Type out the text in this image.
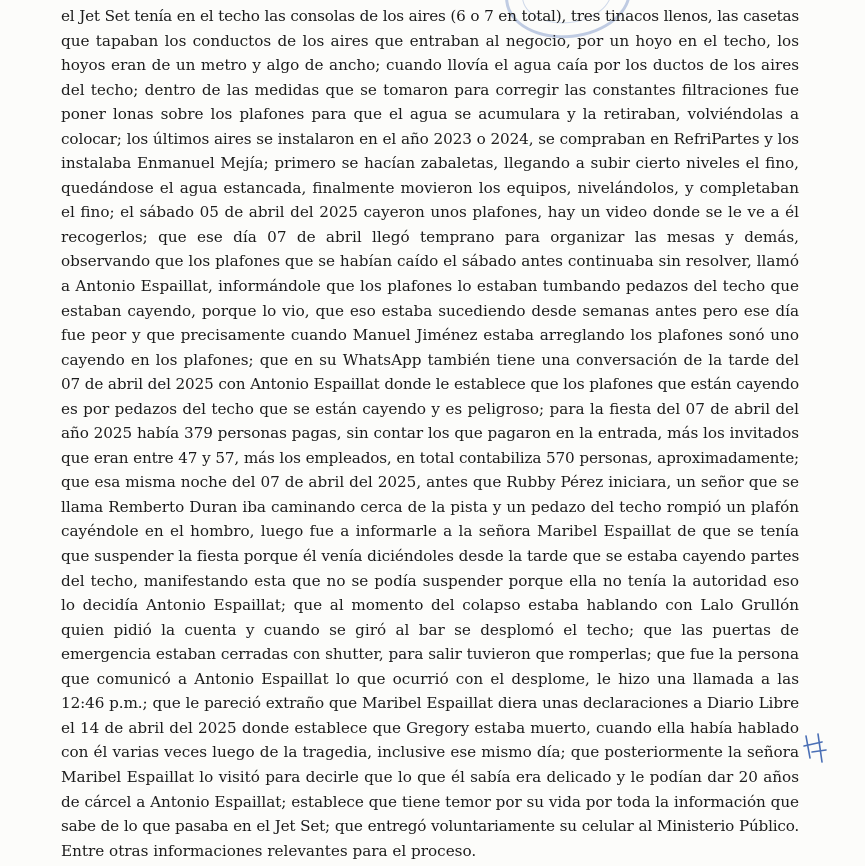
el Jet Set tenía en el techo las consolas de los aires (6 o 7 en total), tres tinacos llenos, las casetas
que tapaban los conductos de los aires que entraban al negocio, por un hoyo en el techo, los
hoyos eran de un metro y algo de ancho; cuando llovía el agua caía por los ductos de los aires
del techo; dentro de las medidas que se tomaron para corregir las constantes filtraciones fue
poner lonas sobre los plafones para que el agua se acumulara y la retiraban, volviéndolas a
colocar; los últimos aires se instalaron en el año 2023 o 2024, se compraban en RefriPartes y los
instalaba Enmanuel Mejía; primero se hacían zabaletas, llegando a subir cierto niveles el fino,
quedándose el agua estancada, finalmente movieron los equipos, nivelándolos, y completaban
el fino; el sábado 05 de abril del 2025 cayeron unos plafones, hay un video donde se le ve a él
recogerlos; que ese día 07 de abril llegó temprano para organizar las mesas y demás,
observando que los plafones que se habían caído el sábado antes continuaba sin resolver, llamó
a Antonio Espaillat, informándole que los plafones lo estaban tumbando pedazos del techo que
estaban cayendo, porque lo vio, que eso estaba sucediendo desde semanas antes pero ese día
fue peor y que precisamente cuando Manuel Jiménez estaba arreglando los plafones sonó uno
cayendo en los plafones; que en su WhatsApp también tiene una conversación de la tarde del
07 de abril del 2025 con Antonio Espaillat donde le establece que los plafones que están cayendo
es por pedazos del techo que se están cayendo y es peligroso; para la fiesta del 07 de abril del
año 2025 había 379 personas pagas, sin contar los que pagaron en la entrada, más los invitados
que eran entre 47 y 57, más los empleados, en total contabiliza 570 personas, aproximadamente;
que esa misma noche del 07 de abril del 2025, antes que Rubby Pérez iniciara, un señor que se
llama Remberto Duran iba caminando cerca de la pista y un pedazo del techo rompió un plafón
cayéndole en el hombro, luego fue a informarle a la señora Maribel Espaillat de que se tenía
que suspender la fiesta porque él venía diciéndoles desde la tarde que se estaba cayendo partes
del techo, manifestando esta que no se podía suspender porque ella no tenía la autoridad eso
lo decidía Antonio Espaillat; que al momento del colapso estaba hablando con Lalo Grullón
quien pidió la cuenta y cuando se giró al bar se desplomó el techo; que las puertas de
emergencia estaban cerradas con shutter, para salir tuvieron que romperlas; que fue la persona
que comunicó a Antonio Espaillat lo que ocurrió con el desplome, le hizo una llamada a las
12:46 p.m.; que le pareció extraño que Maribel Espaillat diera unas declaraciones a Diario Libre
el 14 de abril del 2025 donde establece que Gregory estaba muerto, cuando ella había hablado
con él varias veces luego de la tragedia, inclusive ese mismo día; que posteriormente la señora
Maribel Espaillat lo visitó para decirle que lo que él sabía era delicado y le podían dar 20 años
de cárcel a Antonio Espaillat; establece que tiene temor por su vida por toda la información que
sabe de lo que pasaba en el Jet Set; que entregó voluntariamente su celular al Ministerio Público.
Entre otras informaciones relevantes para el proceso.
